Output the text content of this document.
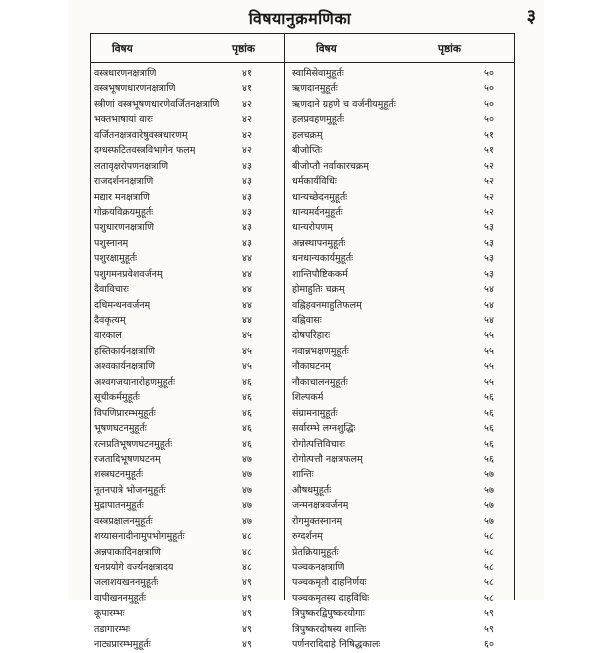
विषयानुक्रमणिका	३
विषय	पृष्ठांक	विषय	पृष्ठांक
वस्त्रधारणनक्षत्राणि	४१
वस्त्रभूषणधारणनक्षत्राणि	४१
स्त्रीणां वस्त्रभूषणधारणेवर्जितनक्षत्राणि ४२
भक्तभाषायां वारः	४२
वर्जितनक्षत्रवारेषुवस्त्रधारणम्	४२
दग्धस्फटितवस्त्रविभागेन फलम्	४२
लतावृक्षरोपणनक्षत्राणि	४३
राजदर्शननक्षत्राणि	४३
मद्यार मनक्षत्राणि	४३
गोक्रयविक्रयमुहूर्तः	४३
पशुधारणनक्षत्राणि	४३
पशुस्नानम्	४३
पशुरक्षामुहूर्तः	४४
पशुगमनप्रवेशवर्जनम्	४४
दैवाविचारः	४४
दधिमन्थनवर्जनम्	४४
दैवकृत्यम्	४४
वारकाल	४५
हस्तिकार्यनक्षत्राणि	४५
अश्वकार्यनक्षत्राणि	४५
अश्वगजयानारोहणमुहूर्तः	४६
सूचीकर्ममुहूर्तः	४६
विपणिप्रारम्भमुहूर्तः	४६
भूषणघटनमुहूर्तः	४६
रत्नप्रतिभूषणघटनमुहूर्तः	४६
रजतादिभूषणघटनम्	४७
शस्त्रघटनमुहूर्तः	४७
नूतनपात्रे भोजनमुहूर्तः	४७
मुद्रापातनमुहूर्तः	४७
वस्त्रप्रक्षालनमुहूर्तः	४७
शय्यासनादीनामुपभोगमुहूर्तः	४८
अन्नपाकादिनक्षत्राणि	४८
धनप्रयोगे वर्ज्यनक्षत्रादय	४८
जलाशयखननमुहूर्तः	४९
वापीखननमुहूर्तः	४९
कूपारम्भः	४९
तडागारम्भः	४९
नाट्यप्रारम्भमुहूर्तः	४९
स्वामिसेवामुहूर्तः	५०
ऋणदानमुहूर्तः	५०
ऋणदाने ग्रहणे च वर्जनीयमुहूर्तः	५०
हलप्रवहणमुहूर्तः	५०
हलचक्रम्	५१
बीजोप्तिः	५१
बीजोप्तौ नर्वाकारचक्रम्	५२
धर्मकार्यविधिः	५२
धान्यच्छेदनमुहूर्तः	५२
धान्यमर्दनमुहूर्तः	५२
धान्यरोपणम्	५३
अन्नस्थापनमुहूर्तः	५३
धनधान्यकार्यमुहूर्तः	५३
शान्तिपौष्टिककर्म	५३
होमाहुतिः चक्रम्	५४
वह्निहवनमाहुतिफलम्	५४
वह्निवासः	५४
दोषपरिहारः	५५
नवान्नभक्षणमुहूर्तः	५५
नौकाघटनम्	५५
नौकाचालनमुहूर्तः	५५
शिल्पकर्म	५६
संग्रामनामुहूर्तः	५६
सर्वारम्भे लग्नशुद्धिः	५६
रोगोत्पत्तिविचारः	५६
रोगोत्पत्तौ नक्षत्रफलम्	५६
शान्तिः	५७
औषधमुहूर्तः	५७
जन्मनक्षत्रवर्जनम्	५७
रोगमुक्तस्नानम्	५७
रुग्दर्शनम्	५८
प्रेतक्रियामुहूर्तः	५८
पञ्चकनक्षत्राणि	५८
पञ्चकमृतौ दाहनिर्णयः	५८
पञ्चकमृतस्य दाहविधिः	५८
त्रिपुष्करद्विपुष्करयोगाः	५९
त्रिपुष्करदोषस्य शान्तिः	५९
पर्णनरादिदाहे निषिद्धकालः	६०
